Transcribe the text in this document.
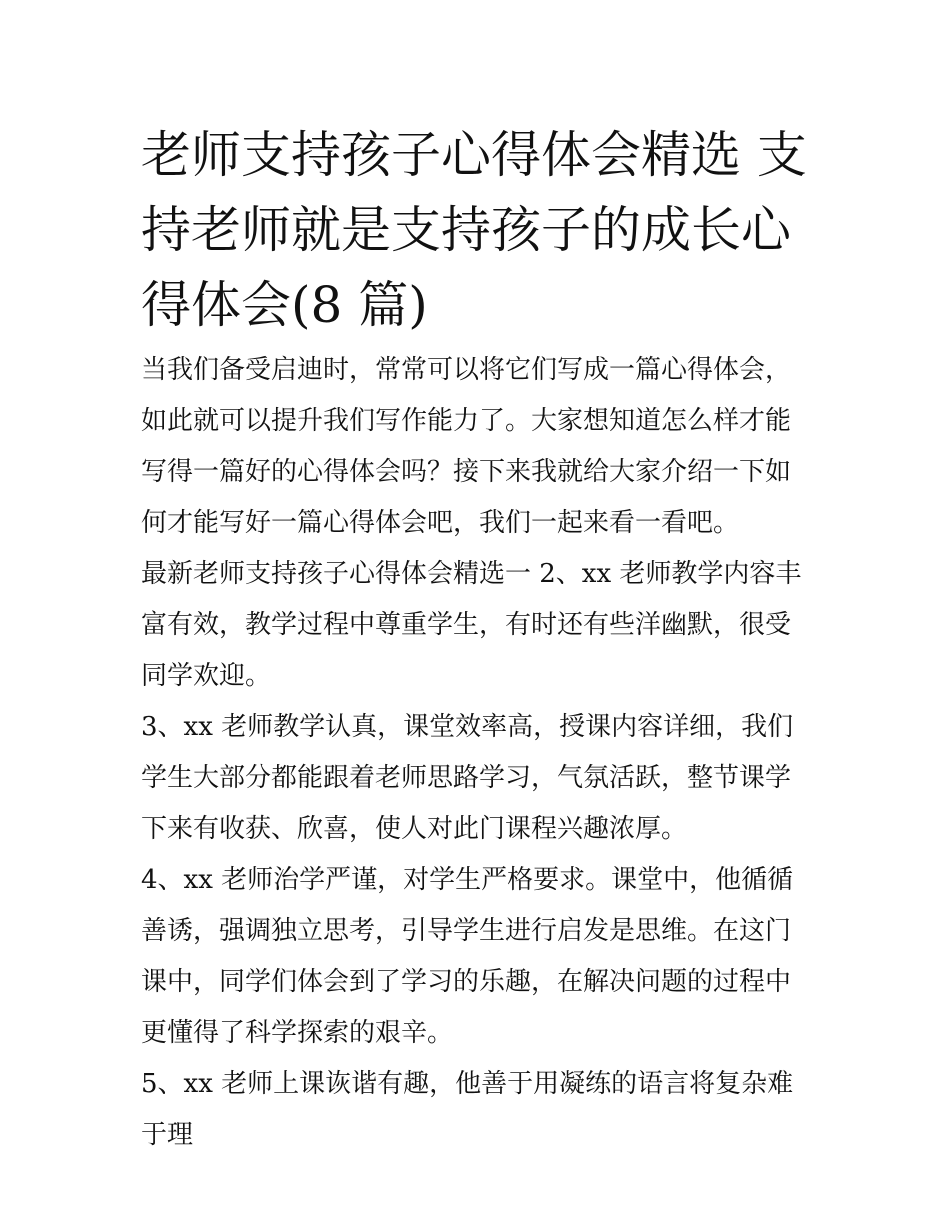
老师支持孩子心得体会精选 支持老师就是支持孩子的成长心得体会(8 篇)

当我们备受启迪时，常常可以将它们写成一篇心得体会，如此就可以提升我们写作能力了。大家想知道怎么样才能写得一篇好的心得体会吗？接下来我就给大家介绍一下如何才能写好一篇心得体会吧，我们一起来看一看吧。

最新老师支持孩子心得体会精选一 2、xx 老师教学内容丰富有效，教学过程中尊重学生，有时还有些洋幽默，很受同学欢迎。

3、xx 老师教学认真，课堂效率高，授课内容详细，我们学生大部分都能跟着老师思路学习，气氛活跃，整节课学下来有收获、欣喜，使人对此门课程兴趣浓厚。

4、xx 老师治学严谨，对学生严格要求。课堂中，他循循善诱，强调独立思考，引导学生进行启发是思维。在这门课中，同学们体会到了学习的乐趣，在解决问题的过程中更懂得了科学探索的艰辛。

5、xx 老师上课诙谐有趣，他善于用凝练的语言将复杂难于理
